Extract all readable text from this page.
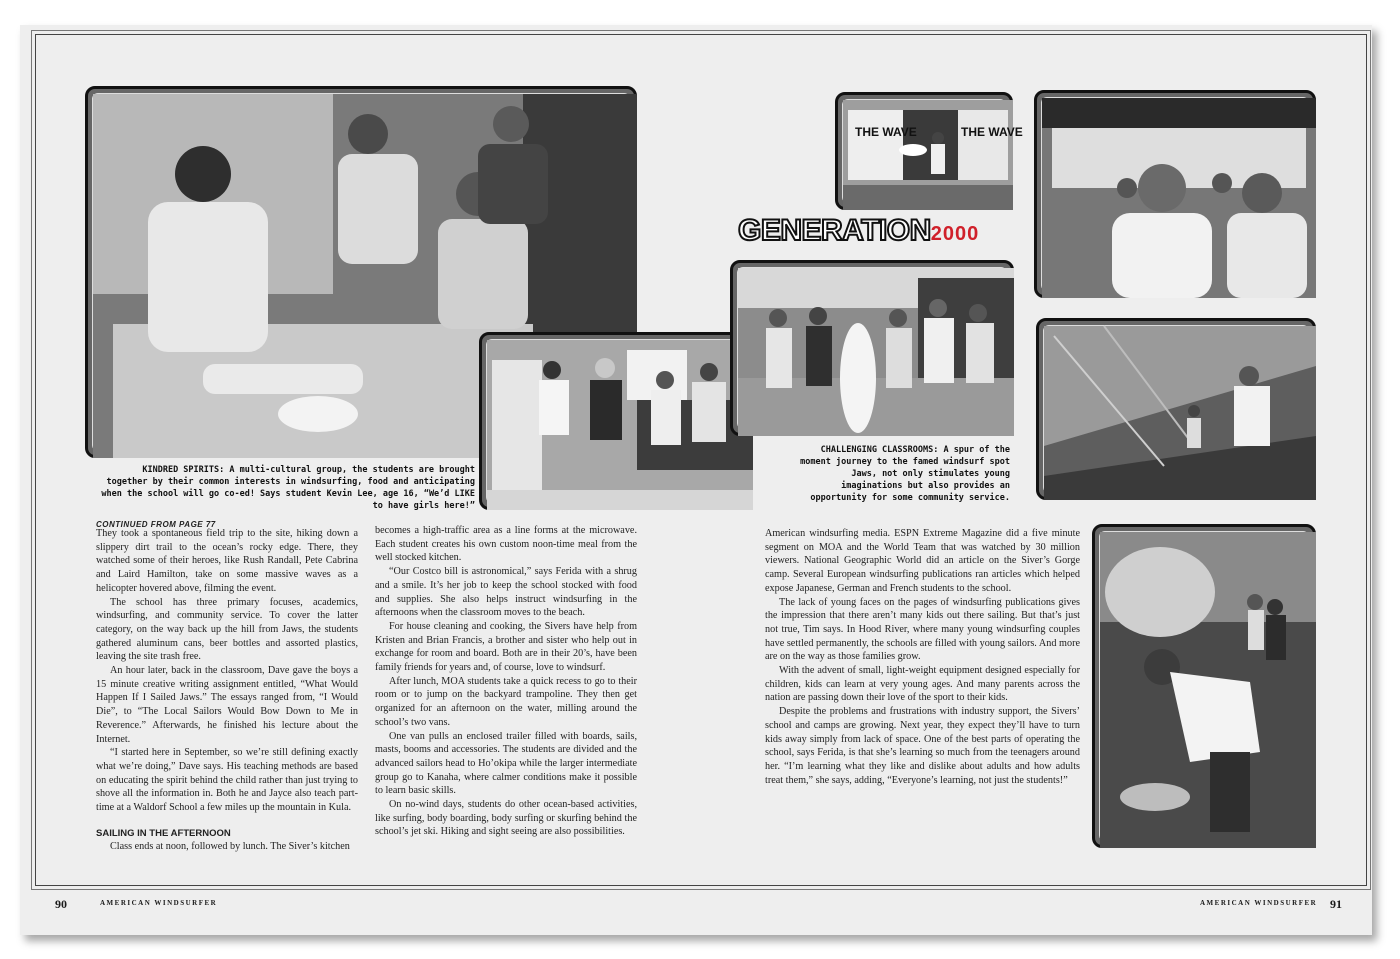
THE WAVE	THE WAVE
GENERATION2000
KINDRED SPIRITS: A multi-cultural group, the students are brought together by their common interests in windsurfing, food and anticipating when the school will go co-ed! Says student Kevin Lee, age 16, “We’d LIKE to have girls here!”
CHALLENGING CLASSROOMS: A spur of the moment journey to the famed windsurf spot Jaws, not only stimulates young imaginations but also provides an opportunity for some community service.
CONTINUED FROM PAGE 77

They took a spontaneous field trip to the site, hiking down a slippery dirt trail to the ocean’s rocky edge. There, they watched some of their heroes, like Rush Randall, Pete Cabrina and Laird Hamilton, take on some massive waves as a helicopter hovered above, filming the event.

The school has three primary focuses, academics, windsurfing, and community service. To cover the latter category, on the way back up the hill from Jaws, the students gathered aluminum cans, beer bottles and assorted plastics, leaving the site trash free.

An hour later, back in the classroom, Dave gave the boys a 15 minute creative writing assignment entitled, “What Would Happen If I Sailed Jaws.” The essays ranged from, “I Would Die”, to “The Local Sailors Would Bow Down to Me in Reverence.” Afterwards, he finished his lecture about the Internet.

“I started here in September, so we’re still defining exactly what we’re doing,” Dave says. His teaching methods are based on educating the spirit behind the child rather than just trying to shove all the information in. Both he and Jayce also teach part-time at a Waldorf School a few miles up the mountain in Kula.

SAILING IN THE AFTERNOON

Class ends at noon, followed by lunch. The Siver’s kitchen

becomes a high-traffic area as a line forms at the microwave. Each student creates his own custom noon-time meal from the well stocked kitchen.

“Our Costco bill is astronomical,” says Ferida with a shrug and a smile. It’s her job to keep the school stocked with food and supplies. She also helps instruct windsurfing in the afternoons when the classroom moves to the beach.

For house cleaning and cooking, the Sivers have help from Kristen and Brian Francis, a brother and sister who help out in exchange for room and board. Both are in their 20’s, have been family friends for years and, of course, love to windsurf.

After lunch, MOA students take a quick recess to go to their room or to jump on the backyard trampoline. They then get organized for an afternoon on the water, milling around the school’s two vans.

One van pulls an enclosed trailer filled with boards, sails, masts, booms and accessories. The students are divided and the advanced sailors head to Ho’okipa while the larger intermediate group go to Kanaha, where calmer conditions make it possible to learn basic skills.

On no-wind days, students do other ocean-based activities, like surfing, body boarding, body surfing or skurfing behind the school’s jet ski. Hiking and sight seeing are also possibilities.

American windsurfing media. ESPN Extreme Magazine did a five minute segment on MOA and the World Team that was watched by 30 million viewers. National Geographic World did an article on the Siver’s Gorge camp. Several European windsurfing publications ran articles which helped expose Japanese, German and French students to the school.

The lack of young faces on the pages of windsurfing publications gives the impression that there aren’t many kids out there sailing. But that’s just not true, Tim says. In Hood River, where many young windsurfing couples have settled permanently, the schools are filled with young sailors. And more are on the way as those families grow.

With the advent of small, light-weight equipment designed especially for children, kids can learn at very young ages. And many parents across the nation are passing down their love of the sport to their kids.

Despite the problems and frustrations with industry support, the Sivers’ school and camps are growing. Next year, they expect they’ll have to turn kids away simply from lack of space. One of the best parts of operating the school, says Ferida, is that she’s learning so much from the teenagers around her. “I’m learning what they like and dislike about adults and how adults treat them,” she says, adding, “Everyone’s learning, not just the students!”

90	AMERICAN WINDSURFER	AMERICAN WINDSURFER 91
